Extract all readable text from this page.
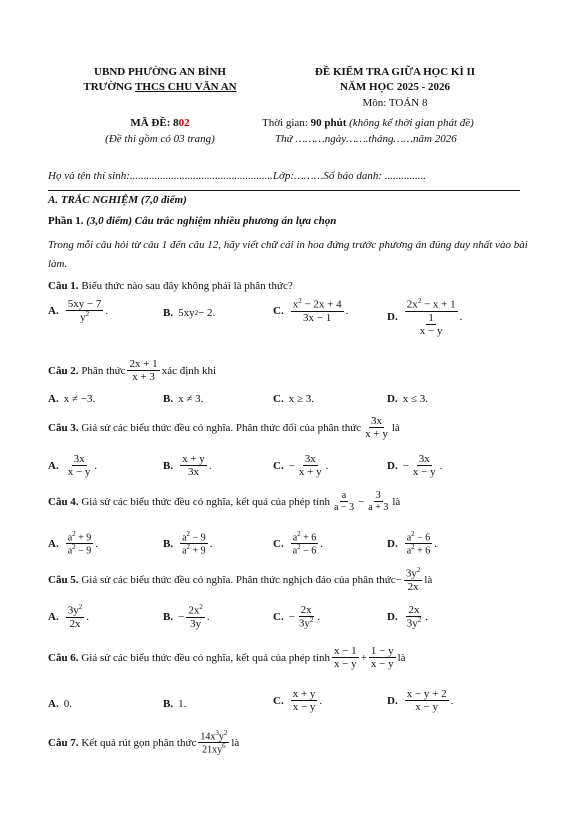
UBND PHƯỜNG AN BÌNH
TRƯỜNG THCS CHU VĂN AN
ĐỀ KIỂM TRA GIỮA HỌC KÌ II
NĂM HỌC 2025 - 2026
Môn: TOÁN 8
MÃ ĐỀ: 802
(Đề thi gồm có 03 trang)
Thời gian: 90 phút (không kể thời gian phát đề)
Thứ ………ngày…….tháng……năm 2026
Họ và tên thí sinh:....................................................Lớp:………Số báo danh: ...............
A. TRẮC NGHIỆM (7,0 điểm)
Phần 1. (3,0 điểm) Câu trắc nghiệm nhiều phương án lựa chọn
Trong mỗi câu hỏi từ câu 1 đến câu 12, hãy viết chữ cái in hoa đứng trước phương án đúng duy nhất vào bài làm.
Câu 1.
Biểu thức nào sau đây không phải là phân thức?
A. $\frac{5xy - 7}{y^2}$ .	B. 5xy 2 − 2.	C. $\frac{x^2 - 2x + 4}{3x - 1}$ .
D. $\frac{2x^2 - x + 1}{\frac{1}{x - y}}$ .
Câu 2.
Phân thức $\frac{2x + 1}{x + 3}$ xác định khi
A. x ≠ −3.	B. x ≠ 3.	C. x ≥ 3.	D. x ≤ 3.
Câu 3.
Giả sử các biểu thức đều có nghĩa. Phân thức đối của phân thức $\frac{3x}{x + y}$ là
A. $\frac{3x}{x - y}$ .	B. $\frac{x + y}{3x}$ .	C. − $\frac{3x}{x + y}$ .	D. − $\frac{3x}{x - y}$ .
Câu 4.
Giả sử các biểu thức đều có nghĩa, kết quả của phép tính $\frac{a}{a - 3} - \frac{3}{a + 3}$ là
A. $\frac{a^2 + 9}{a^2 - 9}$ .	B. $\frac{a^2 - 9}{a^2 + 9}$ .	C. $\frac{a^2 + 6}{a^2 - 6}$ .	D. $\frac{a^2 - 6}{a^2 + 6}$ .
Câu 5.
Giả sử các biểu thức đều có nghĩa. Phân thức nghịch đảo của phân thức − $\frac{3y^2}{2x}$ là
A. $\frac{3y^2}{2x}$ .	B. − $\frac{2x^2}{3y}$ .	C. − $\frac{2x}{3y^2}$ .	D. $\frac{2x}{3y^2}$ .
Câu 6.
Giả sử các biểu thức đều có nghĩa, kết quả của phép tính $\frac{x - 1}{x - y} + \frac{1 - y}{x - y}$ là
A. 0.	B. 1.	C. $\frac{x + y}{x - y}$ .	D. $\frac{x - y + 2}{x - y}$ .
Câu 7.
Kết quả rút gọn phân thức $\frac{14x^3y^2}{21xy^6}$ là
